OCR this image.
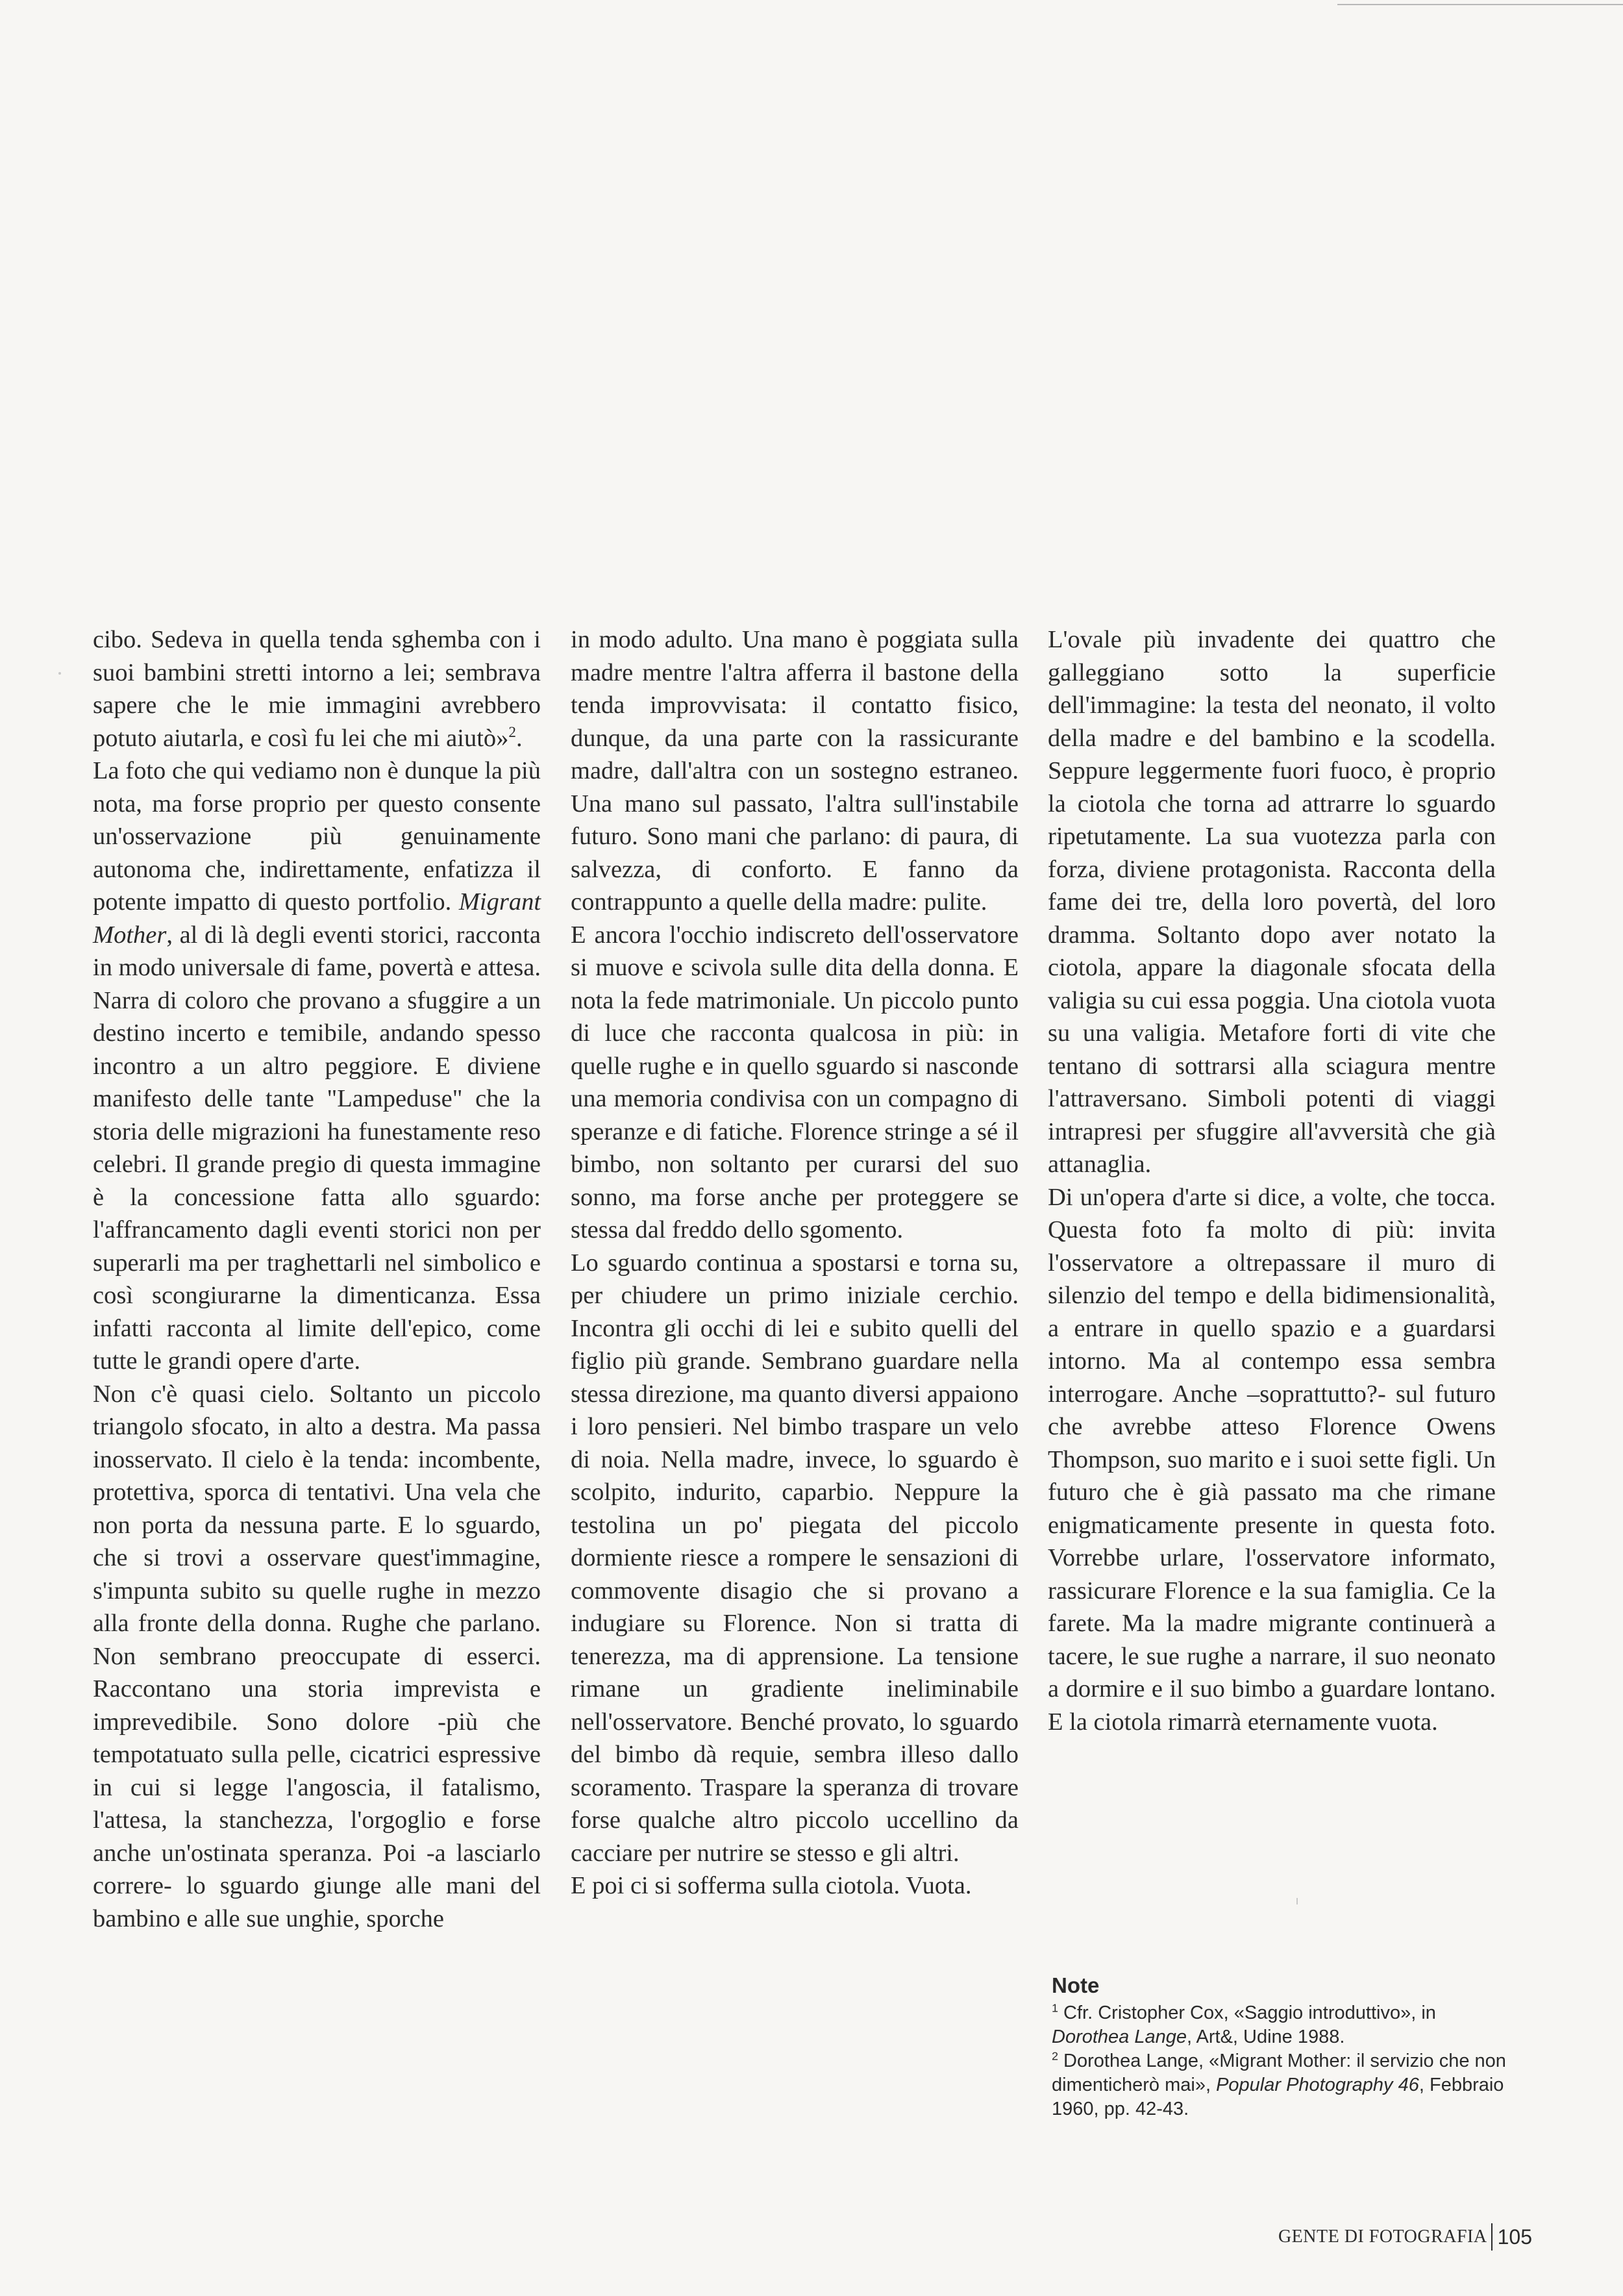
cibo. Sedeva in quella tenda sghemba con i suoi bambini stretti intorno a lei; sembrava sapere che le mie immagini avrebbero potuto aiutarla, e così fu lei che mi aiutò»$^2$.

La foto che qui vediamo non è dunque la più nota, ma forse proprio per questo consente un'osservazione più genuinamente autonoma che, indirettamente, enfatizza il potente impatto di questo portfolio. Migrant Mother, al di là degli eventi storici, racconta in modo universale di fame, povertà e attesa. Narra di coloro che provano a sfuggire a un destino incerto e temibile, andando spesso incontro a un altro peggiore. E diviene manifesto delle tante "Lampeduse" che la storia delle migrazioni ha funestamente reso celebri. Il grande pregio di questa immagine è la concessione fatta allo sguardo: l'affrancamento dagli eventi storici non per superarli ma per traghettarli nel simbolico e così scongiurarne la dimenticanza. Essa infatti racconta al limite dell'epico, come tutte le grandi opere d'arte.

Non c'è quasi cielo. Soltanto un piccolo triangolo sfocato, in alto a destra. Ma passa inosservato. Il cielo è la tenda: incombente, protettiva, sporca di tentativi. Una vela che non porta da nessuna parte. E lo sguardo, che si trovi a osservare quest'immagine, s'impunta subito su quelle rughe in mezzo alla fronte della donna. Rughe che parlano. Non sembrano preoccupate di esserci. Raccontano una storia imprevista e imprevedibile. Sono dolore -più che tempotatuato sulla pelle, cicatrici espressive in cui si legge l'angoscia, il fatalismo, l'attesa, la stanchezza, l'orgoglio e forse anche un'ostinata speranza. Poi -a lasciarlo correre- lo sguardo giunge alle mani del bambino e alle sue unghie, sporche

in modo adulto. Una mano è poggiata sulla madre mentre l'altra afferra il bastone della tenda improvvisata: il contatto fisico, dunque, da una parte con la rassicurante madre, dall'altra con un sostegno estraneo. Una mano sul passato, l'altra sull'instabile futuro. Sono mani che parlano: di paura, di salvezza, di conforto. E fanno da contrappunto a quelle della madre: pulite.

E ancora l'occhio indiscreto dell'osservatore si muove e scivola sulle dita della donna. E nota la fede matrimoniale. Un piccolo punto di luce che racconta qualcosa in più: in quelle rughe e in quello sguardo si nasconde una memoria condivisa con un compagno di speranze e di fatiche. Florence stringe a sé il bimbo, non soltanto per curarsi del suo sonno, ma forse anche per proteggere se stessa dal freddo dello sgomento.

Lo sguardo continua a spostarsi e torna su, per chiudere un primo iniziale cerchio. Incontra gli occhi di lei e subito quelli del figlio più grande. Sembrano guardare nella stessa direzione, ma quanto diversi appaiono i loro pensieri. Nel bimbo traspare un velo di noia. Nella madre, invece, lo sguardo è scolpito, indurito, caparbio. Neppure la testolina un po' piegata del piccolo dormiente riesce a rompere le sensazioni di commovente disagio che si provano a indugiare su Florence. Non si tratta di tenerezza, ma di apprensione. La tensione rimane un gradiente ineliminabile nell'osservatore. Benché provato, lo sguardo del bimbo dà requie, sembra illeso dallo scoramento. Traspare la speranza di trovare forse qualche altro piccolo uccellino da cacciare per nutrire se stesso e gli altri.

E poi ci si sofferma sulla ciotola. Vuota.

L'ovale più invadente dei quattro che galleggiano sotto la superficie dell'immagine: la testa del neonato, il volto della madre e del bambino e la scodella. Seppure leggermente fuori fuoco, è proprio la ciotola che torna ad attrarre lo sguardo ripetutamente. La sua vuotezza parla con forza, diviene protagonista. Racconta della fame dei tre, della loro povertà, del loro dramma. Soltanto dopo aver notato la ciotola, appare la diagonale sfocata della valigia su cui essa poggia. Una ciotola vuota su una valigia. Metafore forti di vite che tentano di sottrarsi alla sciagura mentre l'attraversano. Simboli potenti di viaggi intrapresi per sfuggire all'avversità che già attanaglia.

Di un'opera d'arte si dice, a volte, che tocca. Questa foto fa molto di più: invita l'osservatore a oltrepassare il muro di silenzio del tempo e della bidimensionalità, a entrare in quello spazio e a guardarsi intorno. Ma al contempo essa sembra interrogare. Anche –soprattutto?- sul futuro che avrebbe atteso Florence Owens Thompson, suo marito e i suoi sette figli. Un futuro che è già passato ma che rimane enigmaticamente presente in questa foto. Vorrebbe urlare, l'osservatore informato, rassicurare Florence e la sua famiglia. Ce la farete. Ma la madre migrante continuerà a tacere, le sue rughe a narrare, il suo neonato a dormire e il suo bimbo a guardare lontano. E la ciotola rimarrà eternamente vuota.

Note

$^1$ Cfr. Cristopher Cox, «Saggio introduttivo», in Dorothea Lange, Art&, Udine 1988.

$^2$ Dorothea Lange, «Migrant Mother: il servizio che non dimenticherò mai», Popular Photography 46, Febbraio 1960, pp. 42-43.

GENTE DI FOTOGRAFIA 105
